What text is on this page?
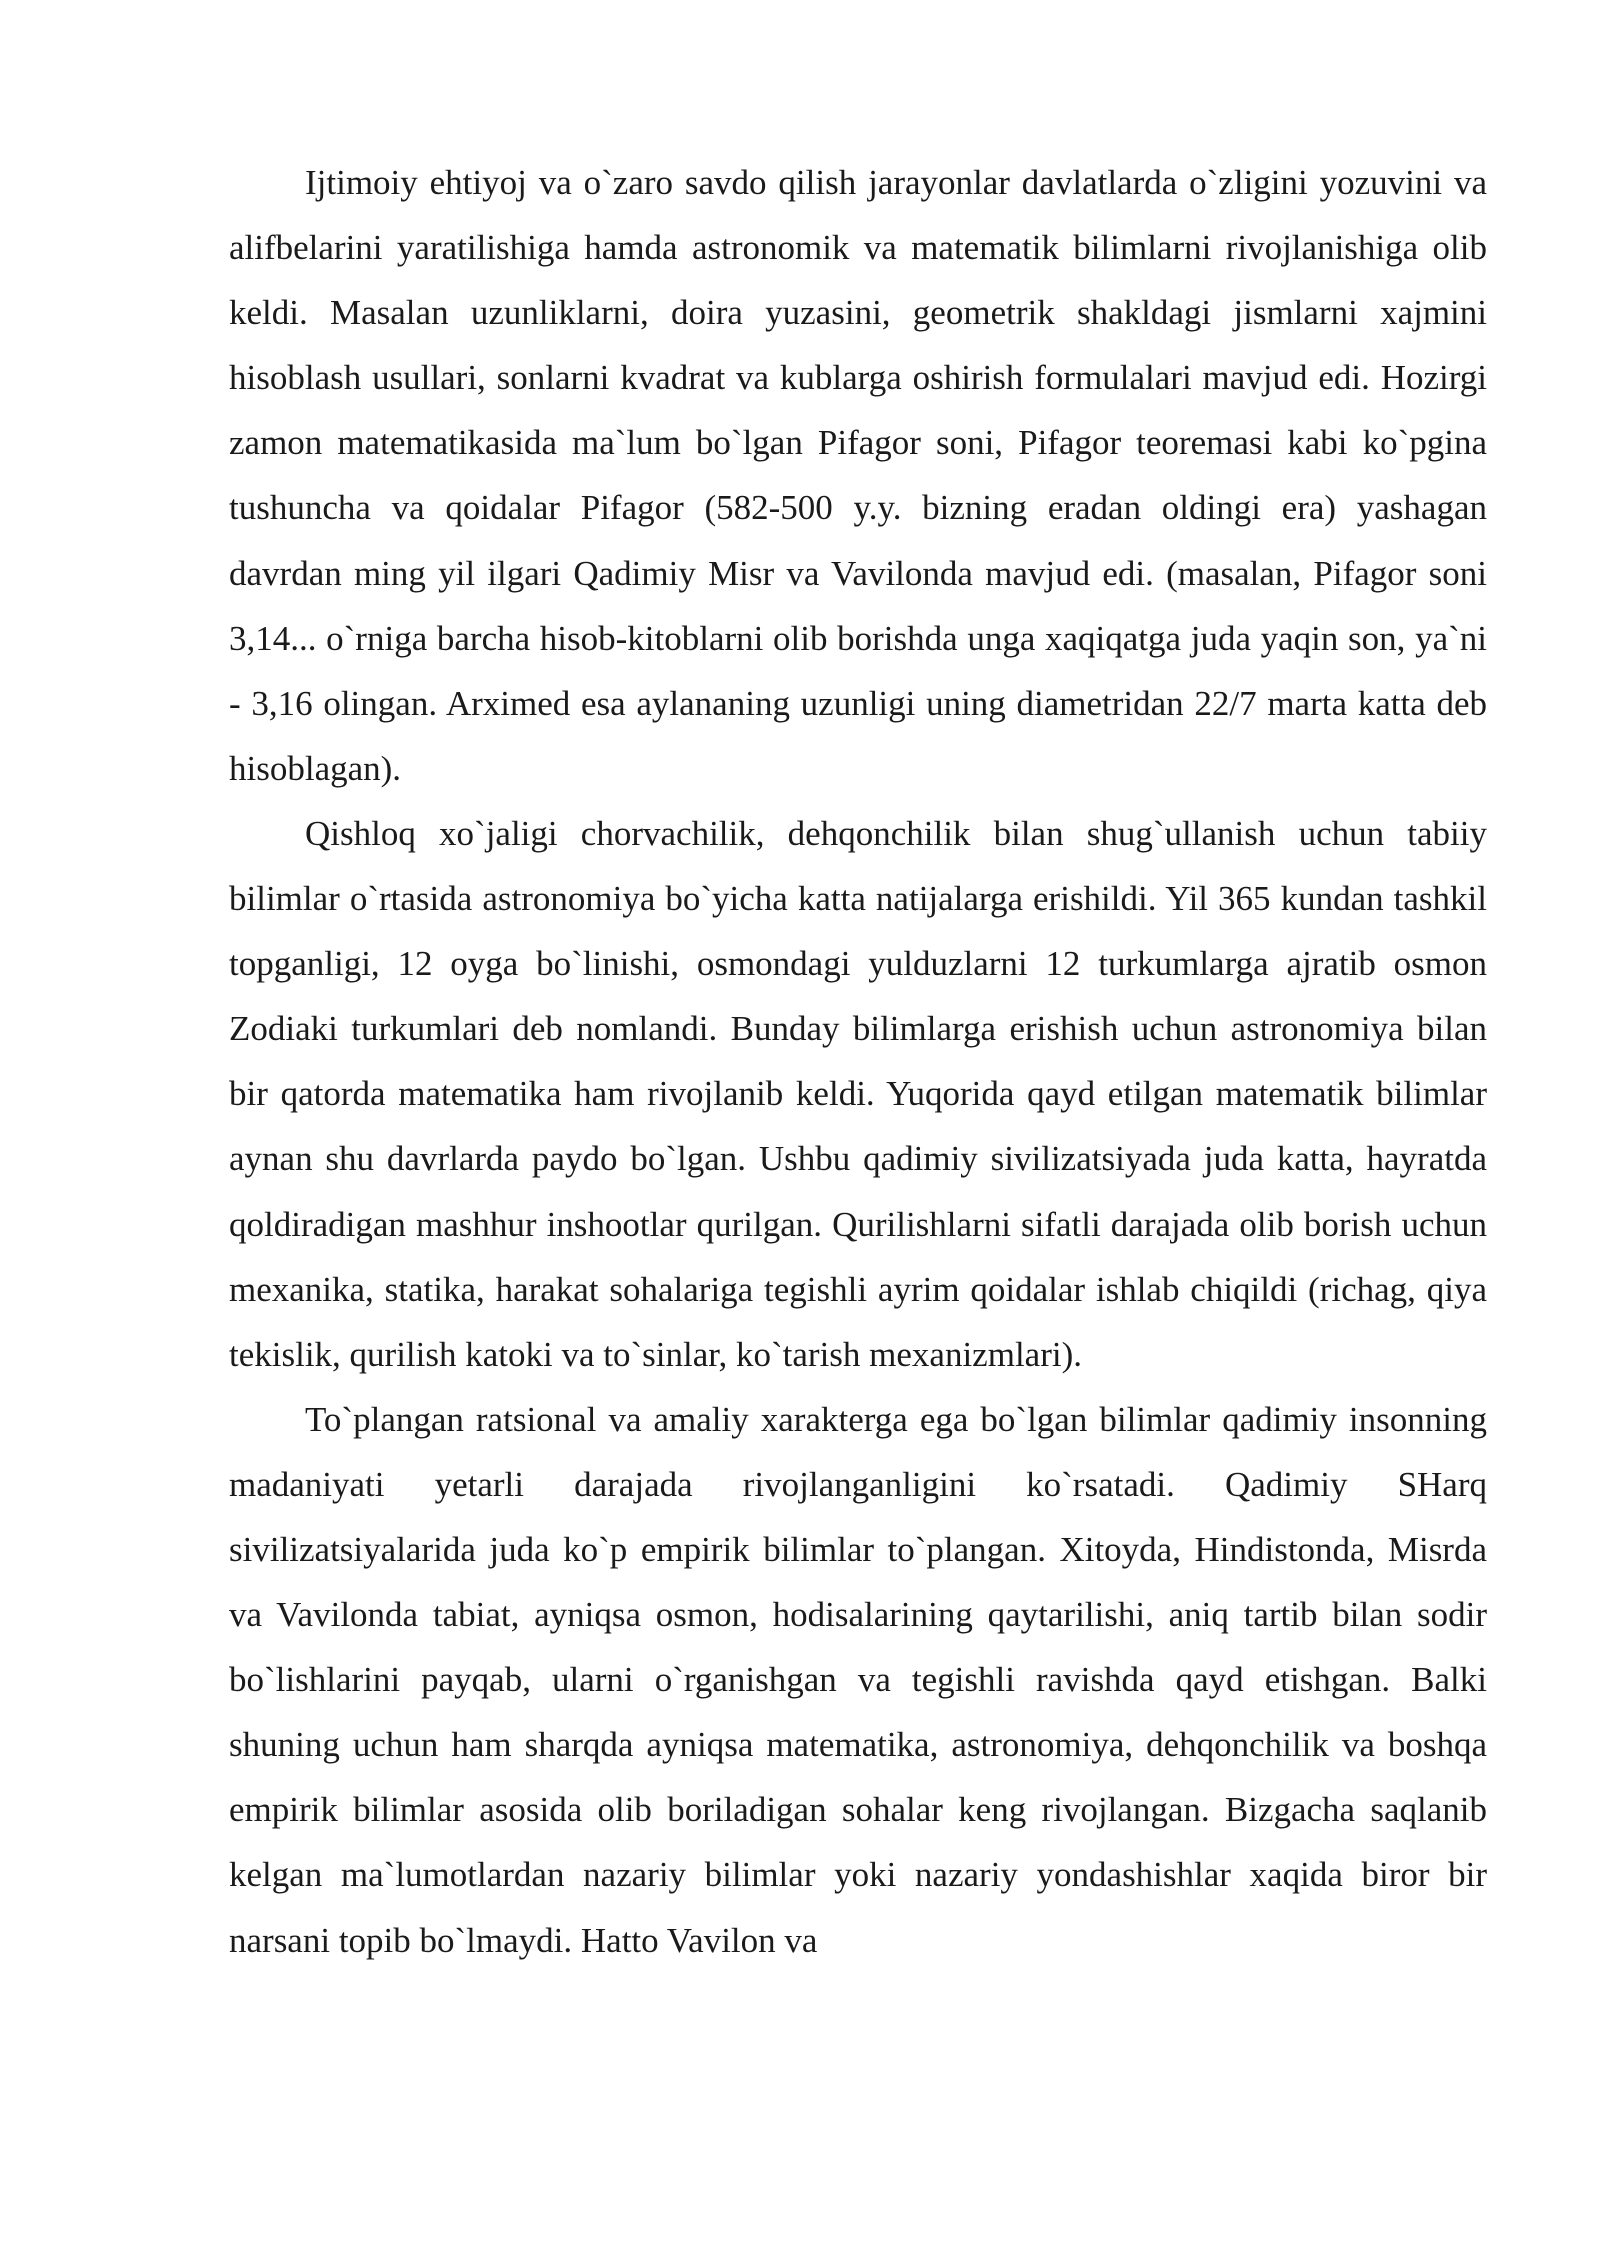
Ijtimoiy ehtiyoj va o`zaro savdo qilish jarayonlar davlatlarda o`zligini yozuvini va alifbelarini yaratilishiga hamda astronomik va matematik bilimlarni rivojlanishiga olib keldi. Masalan uzunliklarni, doira yuzasini, geometrik shakldagi jismlarni xajmini hisoblash usullari, sonlarni kvadrat va kublarga oshirish formulalari mavjud edi. Hozirgi zamon matematikasida ma`lum bo`lgan Pifagor soni, Pifagor teoremasi kabi ko`pgina tushuncha va qoidalar Pifagor (582-500 y.y. bizning eradan oldingi era) yashagan davrdan ming yil ilgari Qadimiy Misr va Vavilonda mavjud edi. (masalan, Pifagor soni 3,14... o`rniga barcha hisob-kitoblarni olib borishda unga xaqiqatga juda yaqin son, ya`ni - 3,16 olingan. Arximed esa aylananing uzunligi uning diametridan 22/7 marta katta deb hisoblagan).

Qishloq xo`jaligi chorvachilik, dehqonchilik bilan shug`ullanish uchun tabiiy bilimlar o`rtasida astronomiya bo`yicha katta natijalarga erishildi. Yil 365 kundan tashkil topganligi, 12 oyga bo`linishi, osmondagi yulduzlarni 12 turkumlarga ajratib osmon Zodiaki turkumlari deb nomlandi. Bunday bilimlarga erishish uchun astronomiya bilan bir qatorda matematika ham rivojlanib keldi. Yuqorida qayd etilgan matematik bilimlar aynan shu davrlarda paydo bo`lgan. Ushbu qadimiy sivilizatsiyada juda katta, hayratda qoldiradigan mashhur inshootlar qurilgan. Qurilishlarni sifatli darajada olib borish uchun mexanika, statika, harakat sohalariga tegishli ayrim qoidalar ishlab chiqildi (richag, qiya tekislik, qurilish katoki va to`sinlar, ko`tarish mexanizmlari).

To`plangan ratsional va amaliy xarakterga ega bo`lgan bilimlar qadimiy insonning madaniyati yetarli darajada rivojlanganligini ko`rsatadi. Qadimiy SHarq sivilizatsiyalarida juda ko`p empirik bilimlar to`plangan. Xitoyda, Hindistonda, Misrda va Vavilonda tabiat, ayniqsa osmon, hodisalarining qaytarilishi, aniq tartib bilan sodir bo`lishlarini payqab, ularni o`rganishgan va tegishli ravishda qayd etishgan. Balki shuning uchun ham sharqda ayniqsa matematika, astronomiya, dehqonchilik va boshqa empirik bilimlar asosida olib boriladigan sohalar keng rivojlangan. Bizgacha saqlanib kelgan ma`lumotlardan nazariy bilimlar yoki nazariy yondashishlar xaqida biror bir narsani topib bo`lmaydi. Hatto Vavilon va
